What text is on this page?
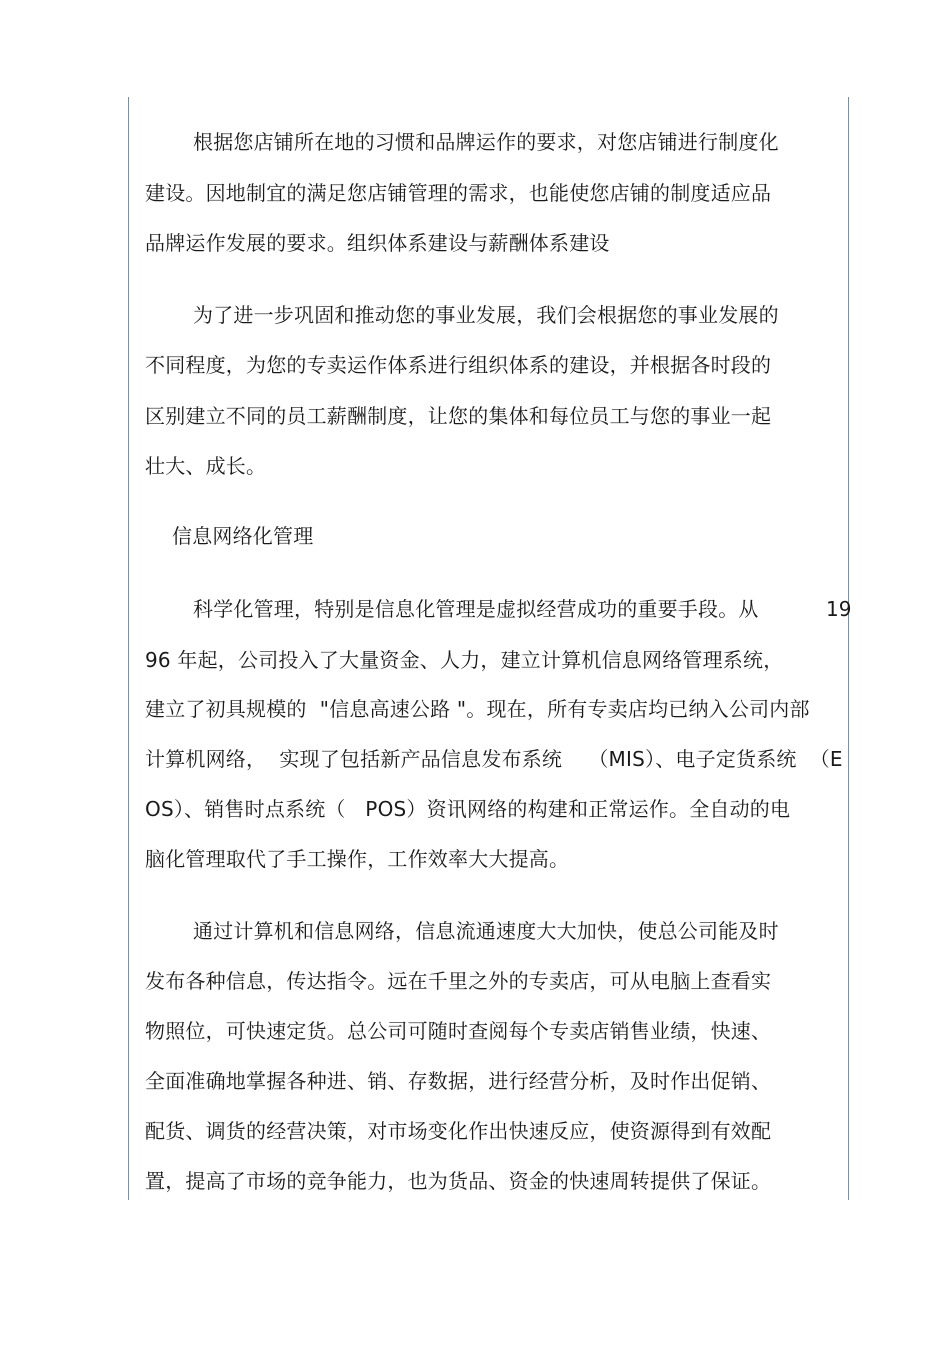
根据您店铺所在地的习惯和品牌运作的要求，对您店铺进行制度化
建设。因地制宜的满足您店铺管理的需求，也能使您店铺的制度适应品
品牌运作发展的要求。组织体系建设与薪酬体系建设
为了进一步巩固和推动您的事业发展，我们会根据您的事业发展的
不同程度，为您的专卖运作体系进行组织体系的建设，并根据各时段的
区别建立不同的员工薪酬制度，让您的集体和每位员工与您的事业一起
壮大、成长。
信息网络化管理
科学化管理，特别是信息化管理是虚拟经营成功的重要手段。从	19
96 年起，公司投入了大量资金、人力，建立计算机信息网络管理系统，
建立了初具规模的  "信息高速公路 "。现在，所有专卖店均已纳入公司内部
计算机网络，  实现了包括新产品信息发布系统    （MIS）、电子定货系统  （E
OS）、销售时点系统（   POS）资讯网络的构建和正常运作。全自动的电
脑化管理取代了手工操作，工作效率大大提高。
通过计算机和信息网络，信息流通速度大大加快，使总公司能及时
发布各种信息，传达指令。远在千里之外的专卖店，可从电脑上查看实
物照位，可快速定货。总公司可随时查阅每个专卖店销售业绩，快速、
全面准确地掌握各种进、销、存数据，进行经营分析，及时作出促销、
配货、调货的经营决策，对市场变化作出快速反应，使资源得到有效配
置，提高了市场的竞争能力，也为货品、资金的快速周转提供了保证。
